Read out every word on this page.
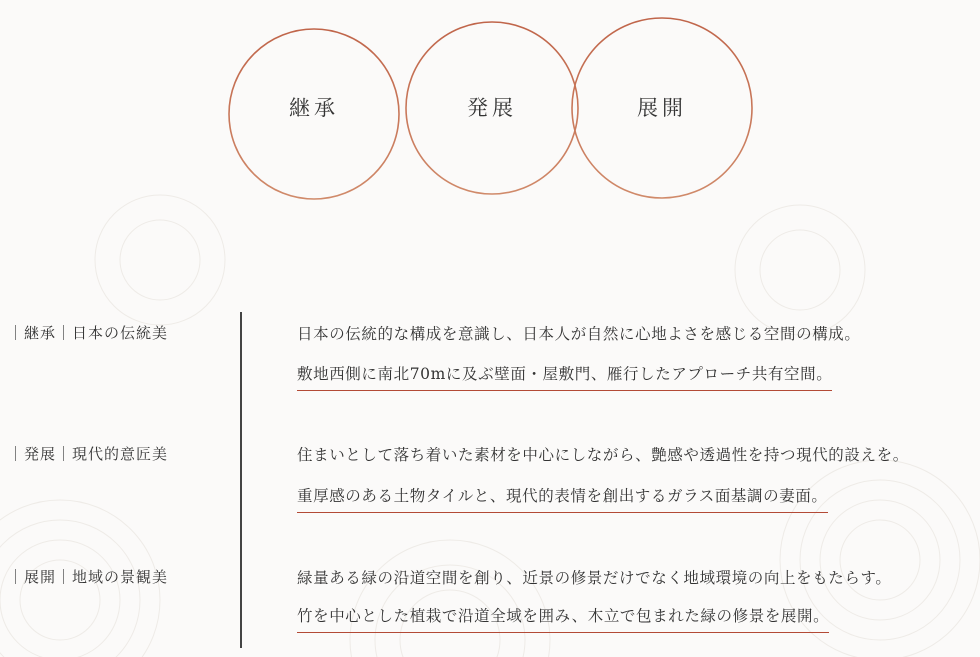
継承	発展	展開
｜継承｜日本の伝統美	日本の伝統的な構成を意識し、日本人が自然に心地よさを感じる空間の構成。
敷地西側に南北70mに及ぶ壁面・屋敷門、雁行したアプローチ共有空間。
｜発展｜現代的意匠美	住まいとして落ち着いた素材を中心にしながら、艶感や透過性を持つ現代的設えを。
重厚感のある土物タイルと、現代的表情を創出するガラス面基調の妻面。
｜展開｜地域の景観美	緑量ある緑の沿道空間を創り、近景の修景だけでなく地域環境の向上をもたらす。
竹を中心とした植栽で沿道全域を囲み、木立で包まれた緑の修景を展開。
